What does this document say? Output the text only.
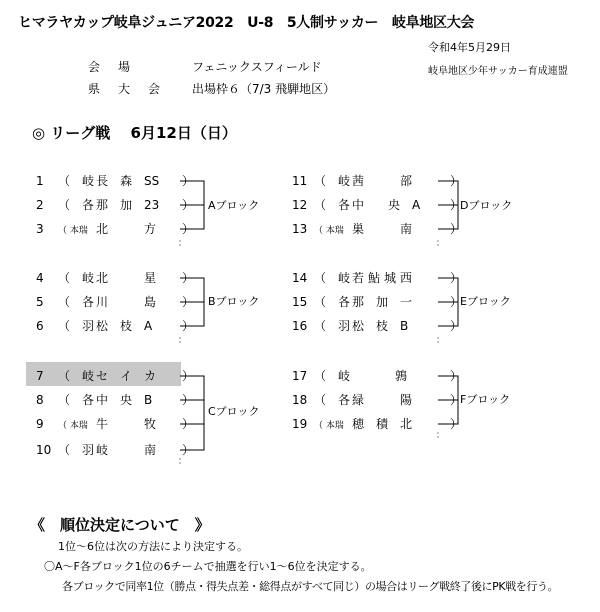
ヒマラヤカップ岐阜ジュニア2022　U-8　5人制サッカー　岐阜地区大会
令和4年5月29日
岐阜地区少年サッカー育成連盟
会場	フェニックスフィールド
県大会 出場枠６（7/3 飛騨地区）
◎ リーグ戦　 6月12日（日）
1 （　岐 長　森　SS ）
2 （　各 那　加　23 ）
3 （ 本瑞 北　　　方 ）
Aブロック
11 （　岐 茜　　　部	）
12 （　各 中　　央　A ）
13 （ 本瑞 巣　　　南	）
Dブロック
4 （　岐 北　　　星 ）
5 （　各 川　　　島 ）
6 （　羽 松　枝　A ）
Bブロック
14 （　岐 若鮎城西	）
15 （　各 那　加　一	）
16 （　羽 松　枝　B	）
Eブロック
7 （　岐 セ　イ　カ ）
8 （　各 中　央　B ）
9 （ 本瑞 牛　　　牧 ）
10 （　羽 岐　　　南 ）
Cブロック
17 （　岐	鶉	）
18 （　各 緑　　　陽	）
19 （ 本瑞 穂　積　北	）
Fブロック
《　順位決定について　》
1位～6位は次の方法により決定する。
〇A～F各ブロック1位の6チームで抽選を行い1～6位を決定する。
各ブロックで同率1位（勝点・得失点差・総得点がすべて同じ）の場合はリーグ戦終了後にPK戦を行う。
